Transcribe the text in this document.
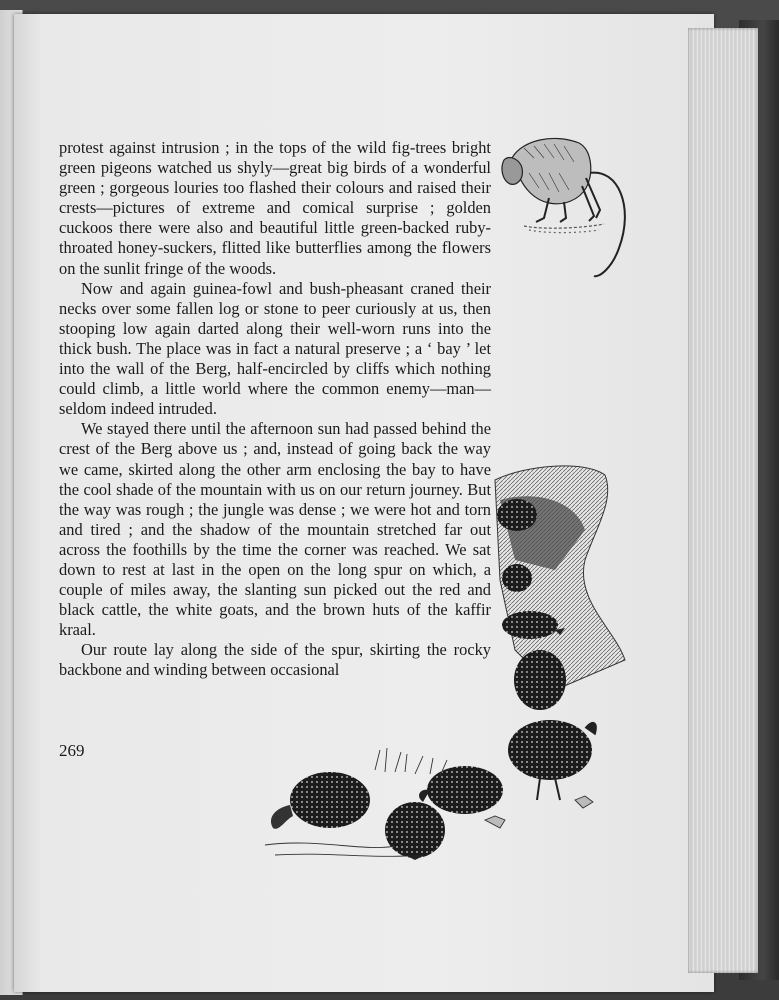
protest against intrusion ; in the tops of the wild fig-trees bright green pigeons watched us shyly—great big birds of a wonderful green ; gorgeous louries too flashed their colours and raised their crests—pictures of extreme and comical surprise ; golden cuckoos there were also and beautiful little green-backed ruby-throated honey-suckers, flitted like butterflies among the flowers on the sunlit fringe of the woods.

Now and again guinea-fowl and bush-pheasant craned their necks over some fallen log or stone to peer curiously at us, then stooping low again darted along their well-worn runs into the thick bush. The place was in fact a natural preserve ; a ‘ bay ’ let into the wall of the Berg, half-encircled by cliffs which nothing could climb, a little world where the common enemy—man—seldom indeed intruded.

We stayed there until the afternoon sun had passed behind the crest of the Berg above us ; and, instead of going back the way we came, skirted along the other arm enclosing the bay to have the cool shade of the mountain with us on our return journey. But the way was rough ; the jungle was dense ; we were hot and torn and tired ; and the shadow of the mountain stretched far out across the foothills by the time the corner was reached. We sat down to rest at last in the open on the long spur on which, a couple of miles away, the slanting sun picked out the red and black cattle, the white goats, and the brown huts of the kaffir kraal.

Our route lay along the side of the spur, skirting the rocky backbone and winding between occasional

269
